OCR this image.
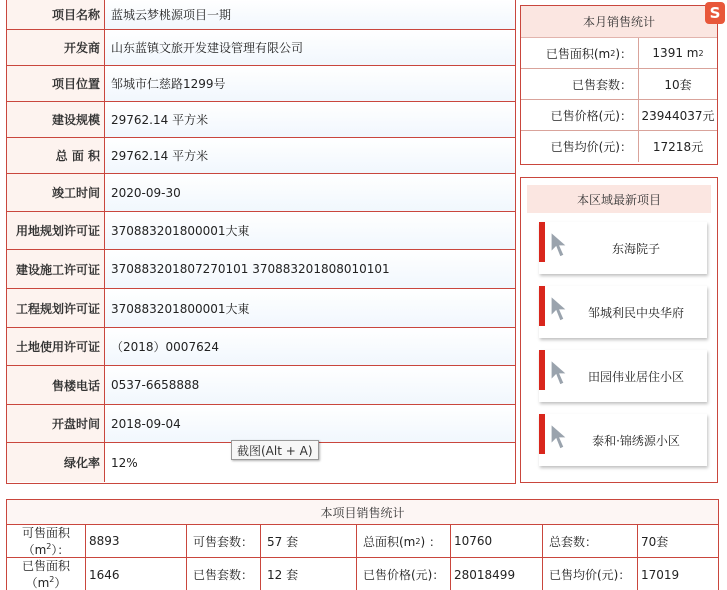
项目名称 蓝城云梦桃源项目一期
开发商 山东蓝镇文旅开发建设管理有限公司
项目位置 邹城市仁慈路1299号
建设规模 29762.14 平方米
总 面 积 29762.14 平方米
竣工时间 2020-09-30
用地规划许可证 370883201800001大東
建设施工许可证 370883201807270101 370883201808010101
工程规划许可证 370883201800001大東
土地使用许可证 （2018）0007624
售楼电话 0537-6658888
开盘时间 2018-09-04
绿化率 12%
本月销售统计
已售面积(m 2 )： 1391 m 2
已售套数：	10套
已售价格(元)： 23944037元
已售均价(元)：	17218元
S
本区域最新项目
东海院子
邹城利民中央华府
田园伟业居住小区
泰和·锦绣源小区
截图(Alt + A)
本项目销售统计
可售面积
$(m^2)$：
8893	可售套数：	57 套	总面积(m 2 ) ： 10760	总套数：	70套
已售面积
$(m^2)$
1646	已售套数：	12 套	已售价格(元)： 28018499	已售均价(元)： 17019
